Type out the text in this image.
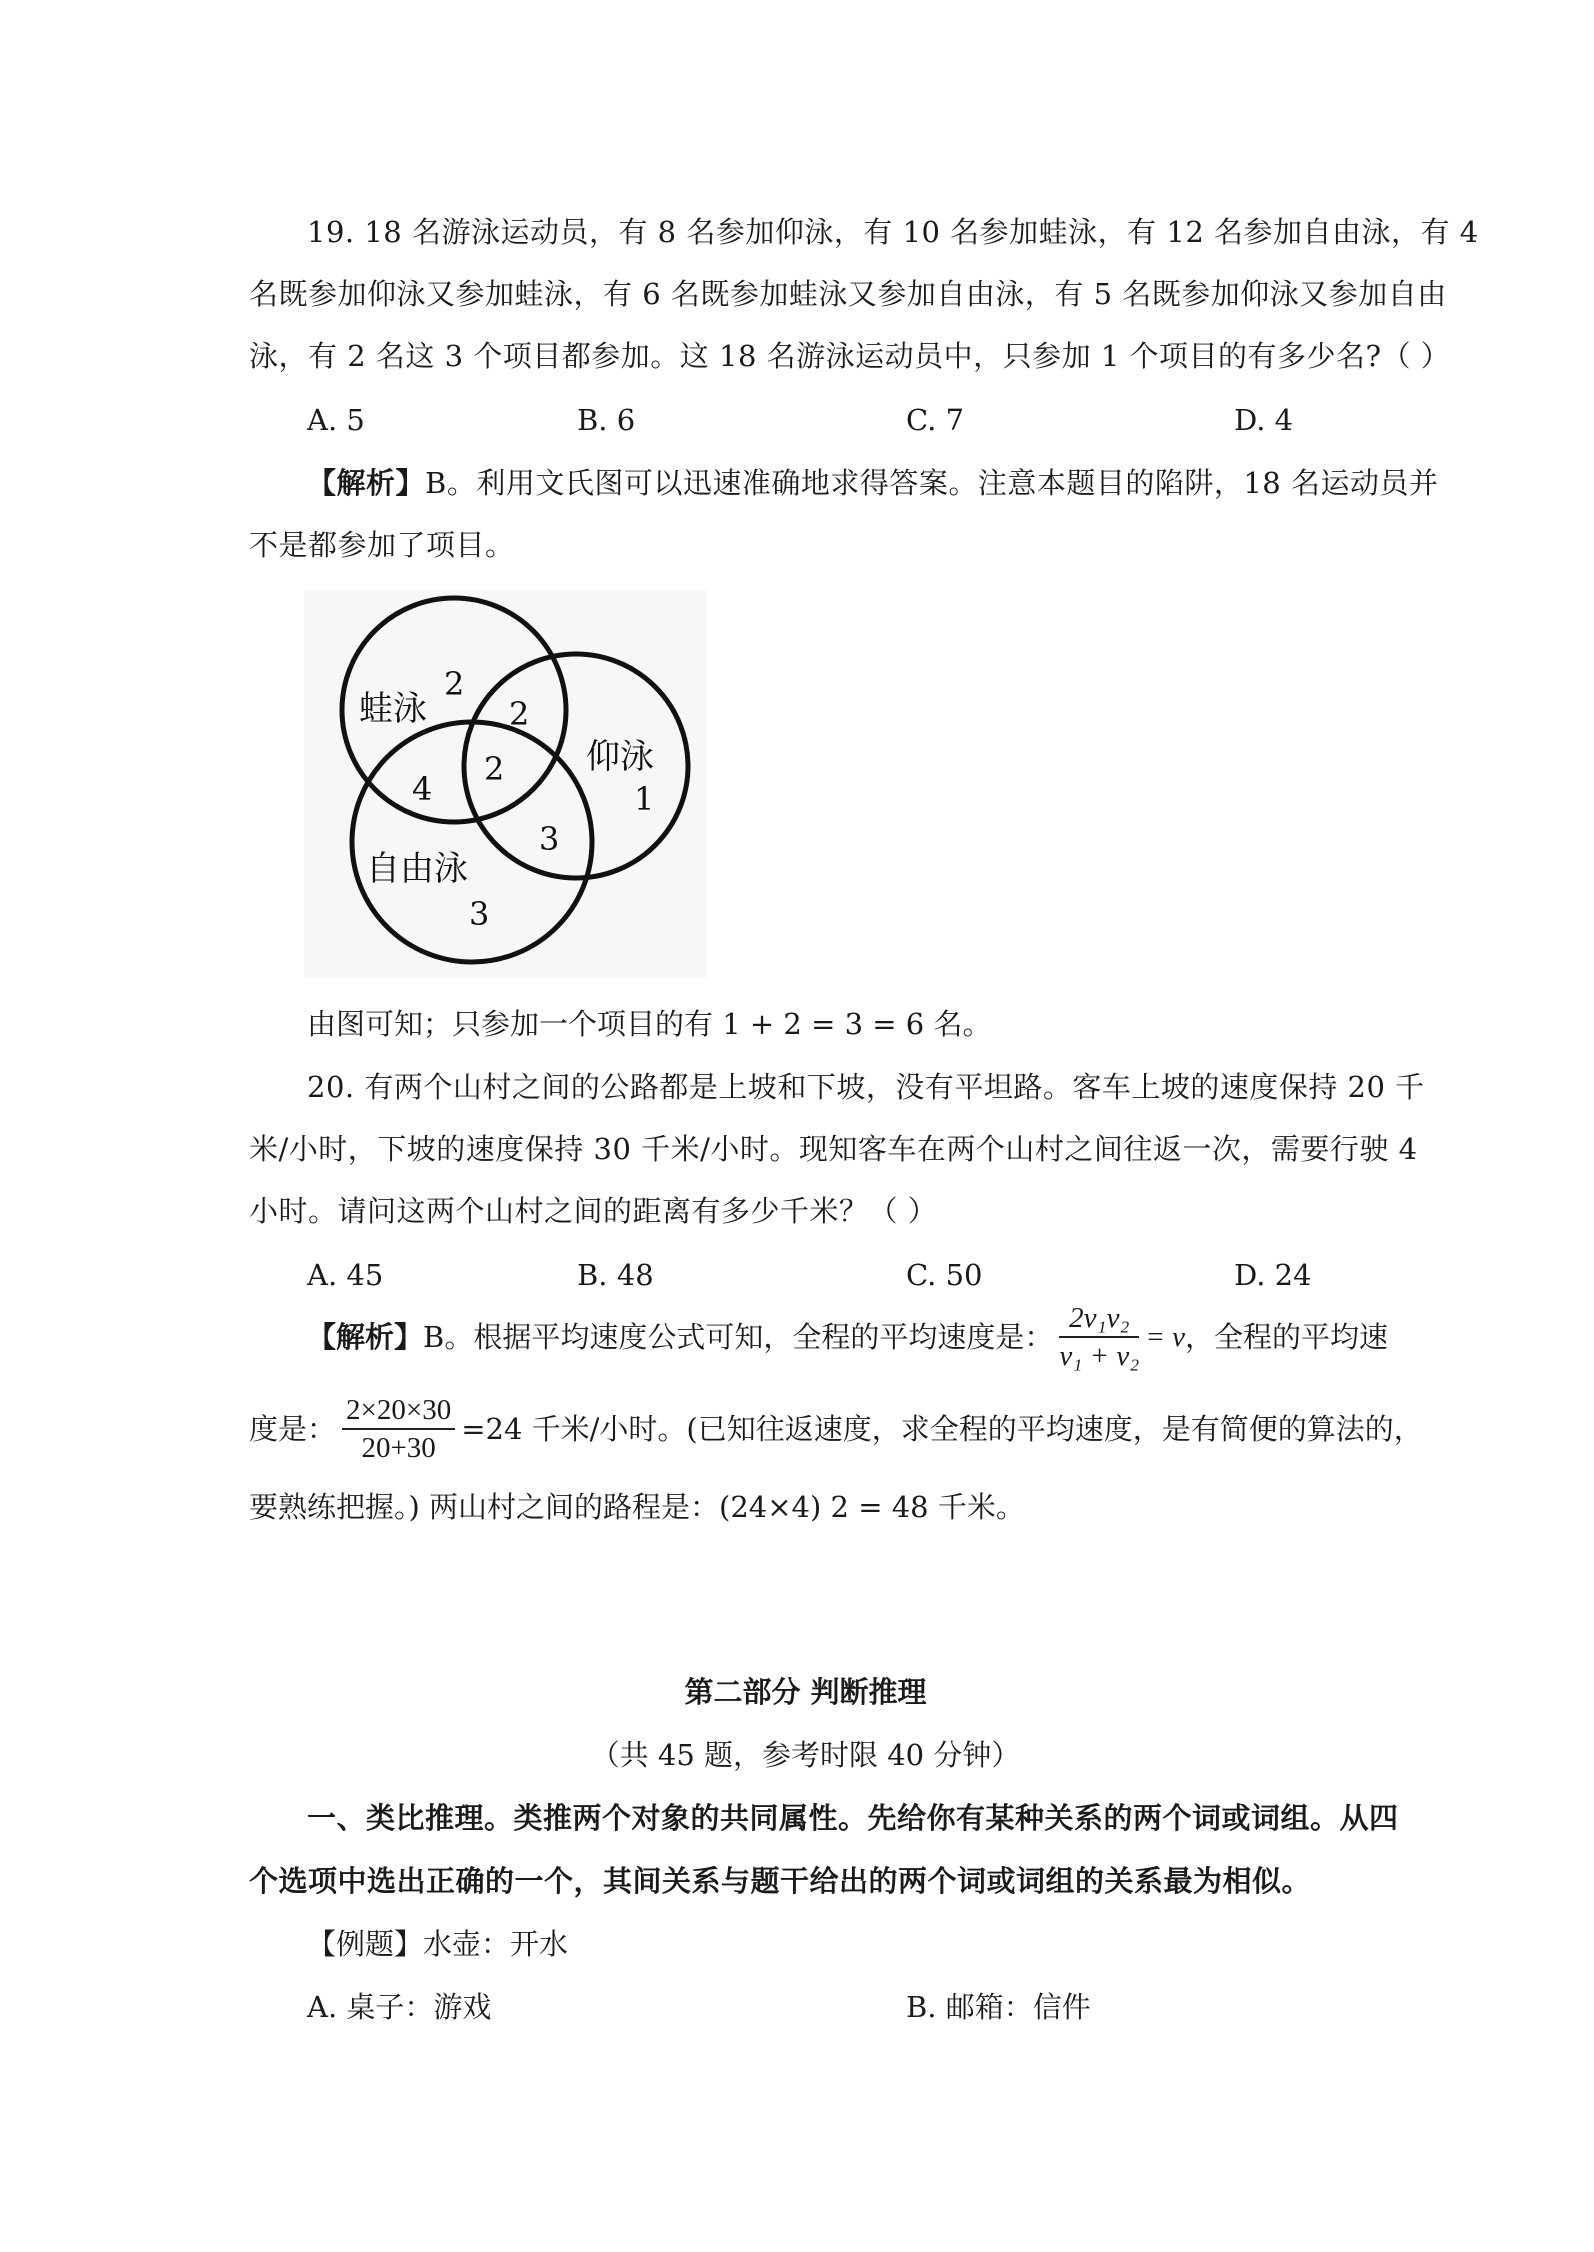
19. 18 名游泳运动员，有 8 名参加仰泳，有 10 名参加蛙泳，有 12 名参加自由泳，有 4
名既参加仰泳又参加蛙泳，有 6 名既参加蛙泳又参加自由泳，有 5 名既参加仰泳又参加自由
泳，有 2 名这 3 个项目都参加。这 18 名游泳运动员中，只参加 1 个项目的有多少名?（ ）
A. 5	B. 6	C. 7	D. 4
【解析】B。利用文氏图可以迅速准确地求得答案。注意本题目的陷阱，18 名运动员并
不是都参加了项目。
蛙泳
2
2
2
4
仰泳
1
3
自由泳
3
由图可知；只参加一个项目的有 1 + 2 = 3 = 6 名。
20. 有两个山村之间的公路都是上坡和下坡，没有平坦路。客车上坡的速度保持 20 千
米/小时，下坡的速度保持 30 千米/小时。现知客车在两个山村之间往返一次，需要行驶 4
小时。请问这两个山村之间的距离有多少千米？（ ）
A. 45	B. 48	C. 50	D. 24
【解析】B。根据平均速度公式可知，全程的平均速度是： $\frac{\text{2v₁v₂}}{\text{v₁ + v₂}} = v$ ，全程的平均速
度是： $\frac{2\times 20\times 30}{20+30} =24$ 千米/小时。(已知往返速度，求全程的平均速度，是有简便的算法的，
要熟练把握。) 两山村之间的路程是：(24×4) 2 = 48 千米。
第二部分 判断推理
（共 45 题，参考时限 40 分钟）
一、类比推理。类推两个对象的共同属性。先给你有某种关系的两个词或词组。从四
个选项中选出正确的一个，其间关系与题干给出的两个词或词组的关系最为相似。
【例题】水壶：开水
A. 桌子：游戏	B. 邮箱：信件
